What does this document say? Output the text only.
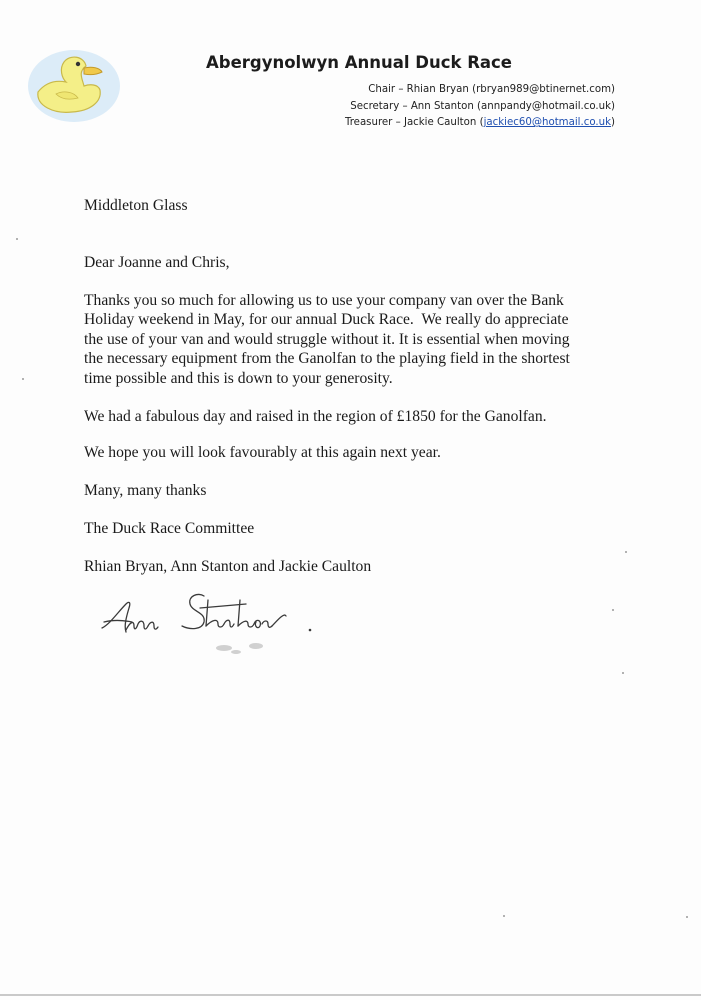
Abergynolwyn Annual Duck Race
Chair – Rhian Bryan (rbryan989@btinernet.com)
Secretary – Ann Stanton (annpandy@hotmail.co.uk)
Treasurer – Jackie Caulton (jackiec60@hotmail.co.uk)
Middleton Glass
Dear Joanne and Chris,
Thanks you so much for allowing us to use your company van over the Bank
Holiday weekend in May, for our annual Duck Race.  We really do appreciate
the use of your van and would struggle without it. It is essential when moving
the necessary equipment from the Ganolfan to the playing field in the shortest
time possible and this is down to your generosity.
We had a fabulous day and raised in the region of £1850 for the Ganolfan.
We hope you will look favourably at this again next year.
Many, many thanks
The Duck Race Committee
Rhian Bryan, Ann Stanton and Jackie Caulton
